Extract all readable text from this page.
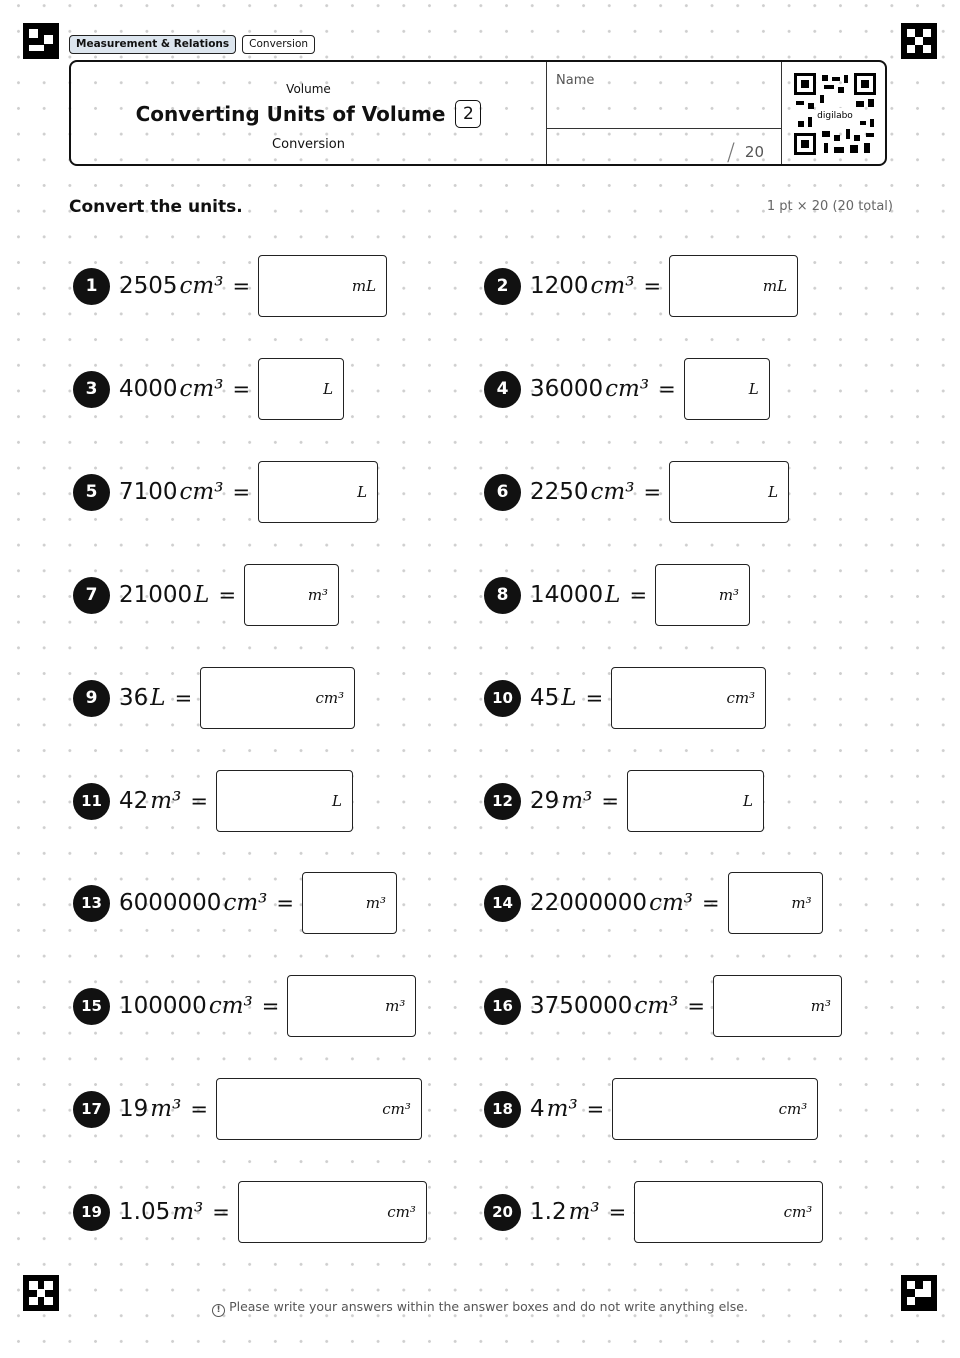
Measurement & Relations	Conversion
Volume
Converting Units of Volume	2
Conversion
Name
/ 20
digilabo
Convert the units.	1 pt × 20 (20 total)
1 2505 cm³ =	mL	2 1200 cm³ =	mL
3 4000 cm³ =	L	4 36000 cm³ =	L
5 7100 cm³ =	L	6 2250 cm³ =	L
7 21000 L =	m³	8 14000 L =	m³
9 36 L =	cm³	10 45 L =	cm³
11 42 m³ =	L	12 29 m³ =	L
13 6000000 cm³ =	m³	14 22000000 cm³ =	m³
15 100000 cm³ =	m³	16 3750000 cm³ =	m³
17 19 m³ =	cm³	18 4 m³ =	cm³
19 1.05 m³ =	cm³	20 1.2 m³ =	cm³
! Please write your answers within the answer boxes and do not write anything else.
